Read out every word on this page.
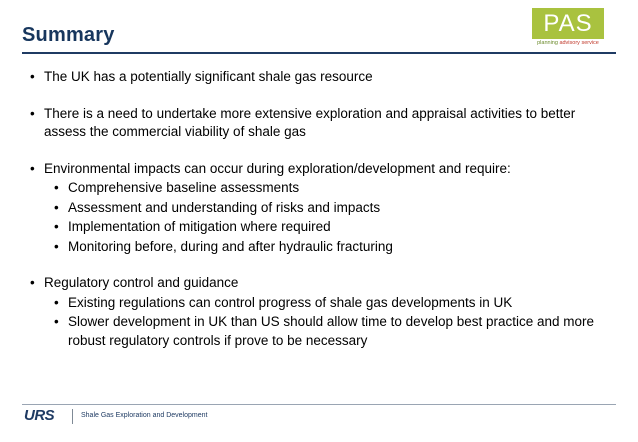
Summary	PAS
planning advisory service
• The UK has a potentially significant shale gas resource
• There is a need to undertake more extensive exploration and appraisal activities to better assess the commercial viability of shale gas
• Environmental impacts can occur during exploration/development and require:
• Comprehensive baseline assessments
• Assessment and understanding of risks and impacts
• Implementation of mitigation where required
• Monitoring before, during and after hydraulic fracturing
• Regulatory control and guidance
• Existing regulations can control progress of shale gas developments in UK
• Slower development in UK than US should allow time to develop best practice and more robust regulatory controls if prove to be necessary
URS	Shale Gas Exploration and Development
